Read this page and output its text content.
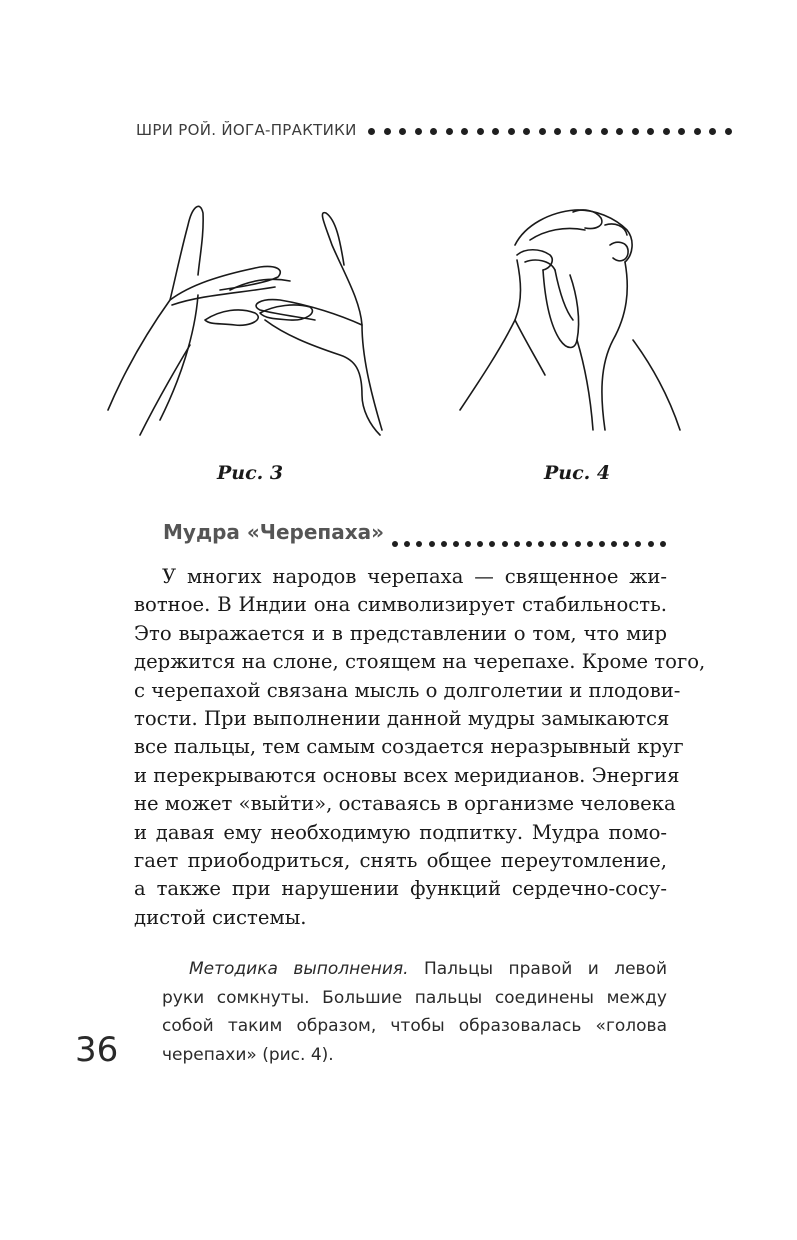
ШРИ РОЙ. ЙОГА-ПРАКТИКИ
Рис. 3	Рис. 4
Мудра «Черепаха»
У многих народов черепаха — священное жи-
вотное. В Индии она символизирует стабильность.
Это выражается и в представлении о том, что мир
держится на слоне, стоящем на черепахе. Кроме того,
с черепахой связана мысль о долголетии и плодови-
тости. При выполнении данной мудры замыкаются
все пальцы, тем самым создается неразрывный круг
и перекрываются основы всех меридианов. Энергия
не может «выйти», оставаясь в организме человека
и давая ему необходимую подпитку. Мудра помо-
гает приободриться, снять общее переутомление,
а также при нарушении функций сердечно-сосу-
дистой системы.
Методика выполнения. Пальцы правой и левой
руки сомкнуты. Большие пальцы соединены между
собой таким образом, чтобы образовалась «голова
черепахи» (рис. 4).
36
